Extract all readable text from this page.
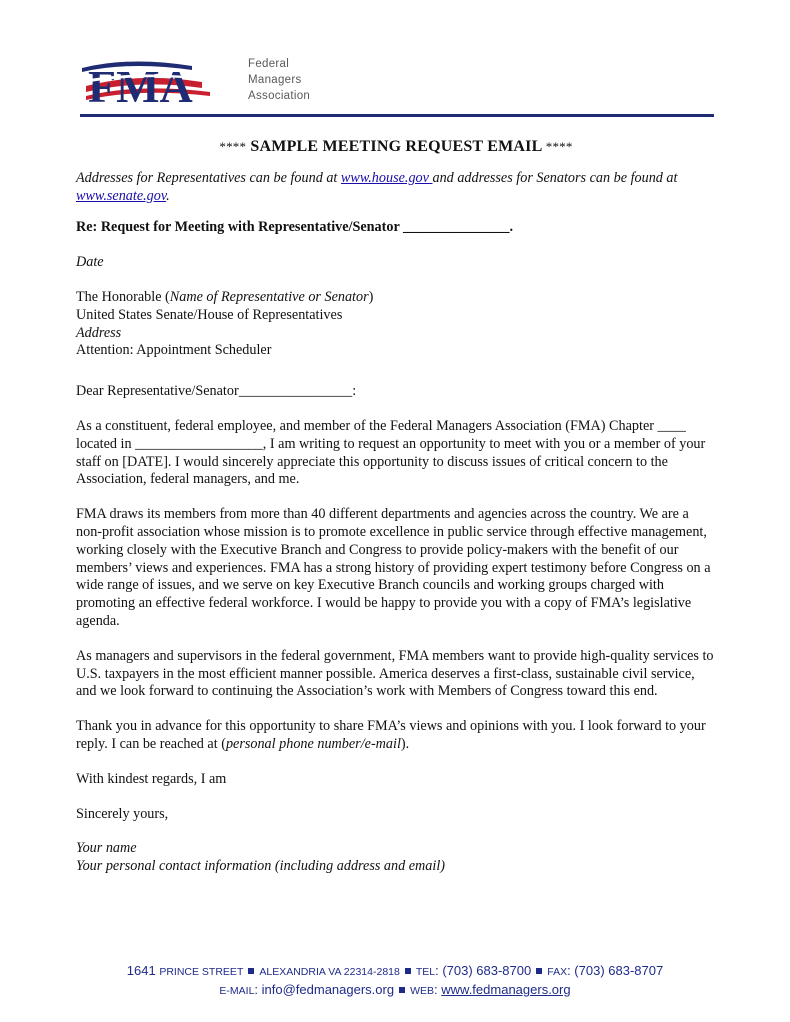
FMA	Federal
Managers
Association
**** SAMPLE MEETING REQUEST EMAIL ****

Addresses for Representatives can be found at www.house.gov and addresses for Senators can be found at www.senate.gov.

Re: Request for Meeting with Representative/Senator _______________.

Date

The Honorable (Name of Representative or Senator)

United States Senate/House of Representatives

Address

Attention: Appointment Scheduler

Dear Representative/Senator________________:

As a constituent, federal employee, and member of the Federal Managers Association (FMA) Chapter ____ located in __________________, I am writing to request an opportunity to meet with you or a member of your staff on [DATE]. I would sincerely appreciate this opportunity to discuss issues of critical concern to the Association, federal managers, and me.

FMA draws its members from more than 40 different departments and agencies across the country. We are a non-profit association whose mission is to promote excellence in public service through effective management, working closely with the Executive Branch and Congress to provide policy-makers with the benefit of our members’ views and experiences. FMA has a strong history of providing expert testimony before Congress on a wide range of issues, and we serve on key Executive Branch councils and working groups charged with promoting an effective federal workforce. I would be happy to provide you with a copy of FMA’s legislative agenda.

As managers and supervisors in the federal government, FMA members want to provide high-quality services to U.S. taxpayers in the most efficient manner possible. America deserves a first-class, sustainable civil service, and we look forward to continuing the Association’s work with Members of Congress toward this end.

Thank you in advance for this opportunity to share FMA’s views and opinions with you. I look forward to your reply. I can be reached at (personal phone number/e-mail).

With kindest regards, I am

Sincerely yours,

Your name

Your personal contact information (including address and email)

1641 PRINCE STREET ALEXANDRIA VA 22314-2818 TEL: (703) 683-8700 FAX: (703) 683-8707
E-MAIL: info@fedmanagers.org WEB: www.fedmanagers.org
